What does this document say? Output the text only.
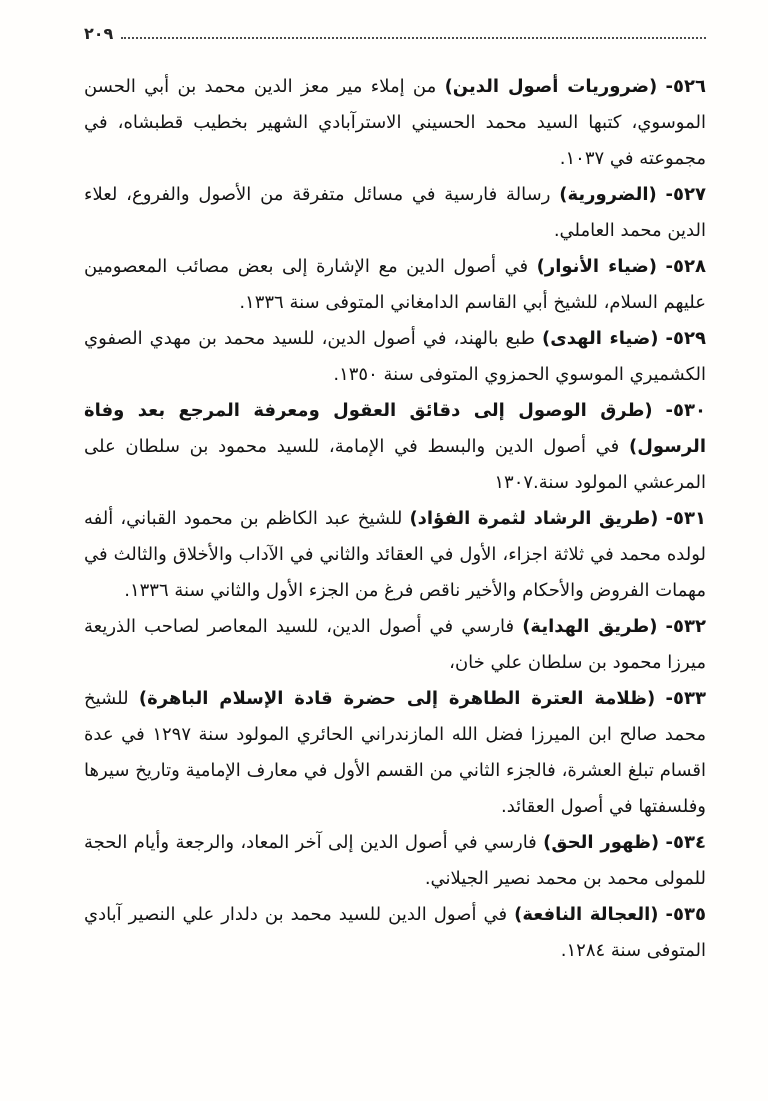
٢٠٩

٥٢٦- (ضروريات أصول الدين) من إملاء مير معز الدين محمد بن أبي الحسن الموسوي، كتبها السيد محمد الحسيني الاسترآبادي الشهير بخطيب قطبشاه، في مجموعته في ١٠٣٧.

٥٢٧- (الضرورية) رسالة فارسية في مسائل متفرقة من الأصول والفروع، لعلاء الدين محمد العاملي.

٥٢٨- (ضياء الأنوار) في أصول الدين مع الإشارة إلى بعض مصائب المعصومين عليهم السلام، للشيخ أبي القاسم الدامغاني المتوفى سنة ١٣٣٦.

٥٢٩- (ضياء الهدى) طبع بالهند، في أصول الدين، للسيد محمد بن مهدي الصفوي الكشميري الموسوي الحمزوي المتوفى سنة ١٣٥٠.

٥٣٠- (طرق الوصول إلى دقائق العقول ومعرفة المرجع بعد وفاة الرسول) في أصول الدين والبسط في الإمامة، للسيد محمود بن سلطان على المرعشي المولود سنة.١٣٠٧

٥٣١- (طريق الرشاد لثمرة الفؤاد) للشيخ عبد الكاظم بن محمود القباني، ألفه لولده محمد في ثلاثة اجزاء، الأول في العقائد والثاني في الآداب والأخلاق والثالث في مهمات الفروض والأحكام والأخير ناقص فرغ من الجزء الأول والثاني سنة ١٣٣٦.

٥٣٢- (طريق الهداية) فارسي في أصول الدين، للسيد المعاصر لصاحب الذريعة ميرزا محمود بن سلطان علي خان،

٥٣٣- (ظلامة العترة الطاهرة إلى حضرة قادة الإسلام الباهرة) للشيخ محمد صالح ابن الميرزا فضل الله المازندراني الحائري المولود سنة ١٢٩٧ في عدة اقسام تبلغ العشرة، فالجزء الثاني من القسم الأول في معارف الإمامية وتاريخ سيرها وفلسفتها في أصول العقائد.

٥٣٤- (ظهور الحق) فارسي في أصول الدين إلى آخر المعاد، والرجعة وأيام الحجة للمولى محمد بن محمد نصير الجيلاني.

٥٣٥- (العجالة النافعة) في أصول الدين للسيد محمد بن دلدار علي النصير آبادي المتوفى سنة ١٢٨٤.
